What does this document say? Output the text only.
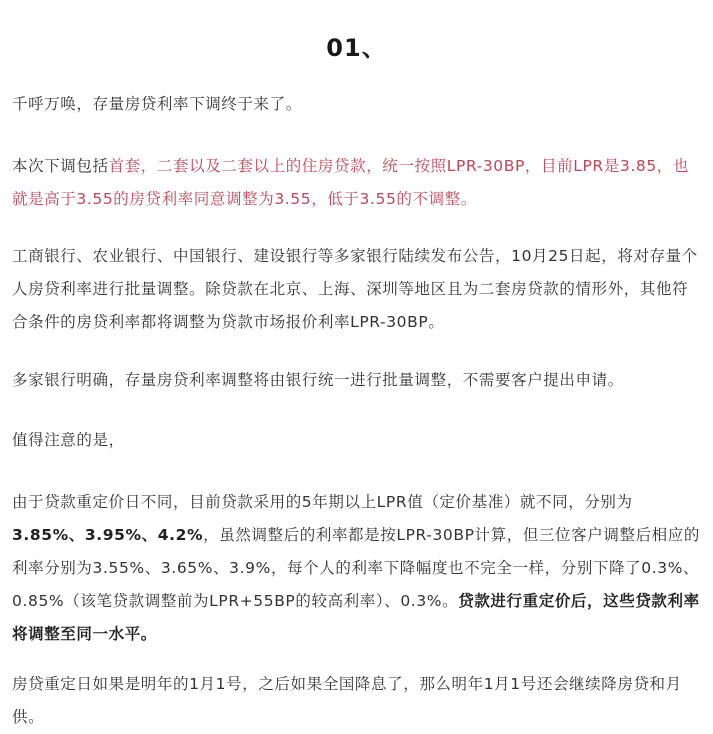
01、

千呼万唤，存量房贷利率下调终于来了。

本次下调包括首套，二套以及二套以上的住房贷款，统一按照LPR-30BP，目前LPR是3.85，也就是高于3.55的房贷利率同意调整为3.55，低于3.55的不调整。

工商银行、农业银行、中国银行、建设银行等多家银行陆续发布公告，10月25日起，将对存量个人房贷利率进行批量调整。除贷款在北京、上海、深圳等地区且为二套房贷款的情形外，其他符合条件的房贷利率都将调整为贷款市场报价利率LPR-30BP。

多家银行明确，存量房贷利率调整将由银行统一进行批量调整，不需要客户提出申请。

值得注意的是，

由于贷款重定价日不同，目前贷款采用的5年期以上LPR值（定价基准）就不同，分别为3.85%、3.95%、4.2%，虽然调整后的利率都是按LPR-30BP计算，但三位客户调整后相应的利率分别为3.55%、3.65%、3.9%，每个人的利率下降幅度也不完全一样，分别下降了0.3%、0.85%（该笔贷款调整前为LPR+55BP的较高利率）、0.3%。贷款进行重定价后，这些贷款利率将调整至同一水平。

房贷重定日如果是明年的1月1号，之后如果全国降息了，那么明年1月1号还会继续降房贷和月供。
